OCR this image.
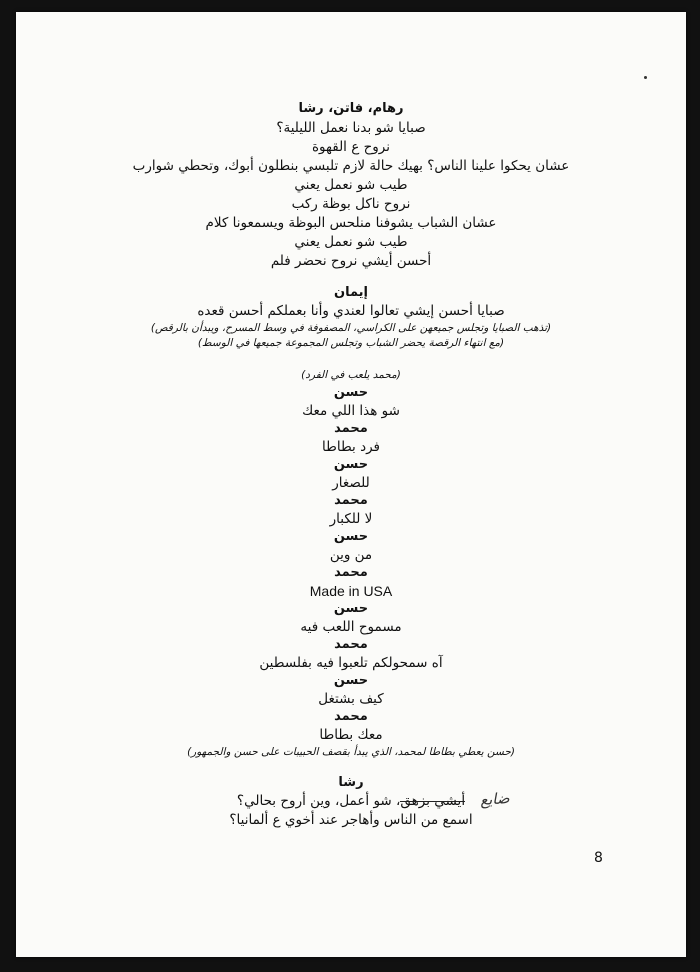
رهام، فاتن، رشا
صبايا شو بدنا نعمل الليلية؟
نروح ع القهوة
عشان يحكوا علينا الناس؟ بهيك حالة لازم تلبسي بنطلون أبوك، وتحطي شوارب
طيب شو نعمل يعني
نروح ناكل بوظة ركب
عشان الشباب يشوفنا منلحس البوظة ويسمعونا كلام
طيب شو نعمل يعني
أحسن أيشي نروح نحضر فلم
إيمان
صبايا أحسن إيشي تعالوا لعندي وأنا بعملكم أحسن قعده
(تذهب الصبايا وتجلس جميعهن على الكراسي، المصفوفة في وسط المسرح، ويبدأن بالرقص)
(مع انتهاء الرقصة يحضر الشباب وتجلس المجموعة جميعها في الوسط)
(محمد يلعب في الفرد)
حسن
شو هذا اللي معك
محمد
فرد بطاطا
حسن
للصغار
محمد
لا للكبار
حسن
من وين
محمد
Made in USA
حسن
مسموح اللعب فيه
محمد
آه سمحولكم تلعبوا فيه بفلسطين
حسن
كيف بشتغل
محمد
معك بطاطا
(حسن يعطي بطاطا لمحمد، الذي يبدأ بقصف الحبيبات على حسن والجمهور)
رشا
أيشي بزهق، شو أعمل، وين أروح بحالي؟	ضايع
اسمع من الناس وأهاجر عند أخوي ع ألمانيا؟
8
